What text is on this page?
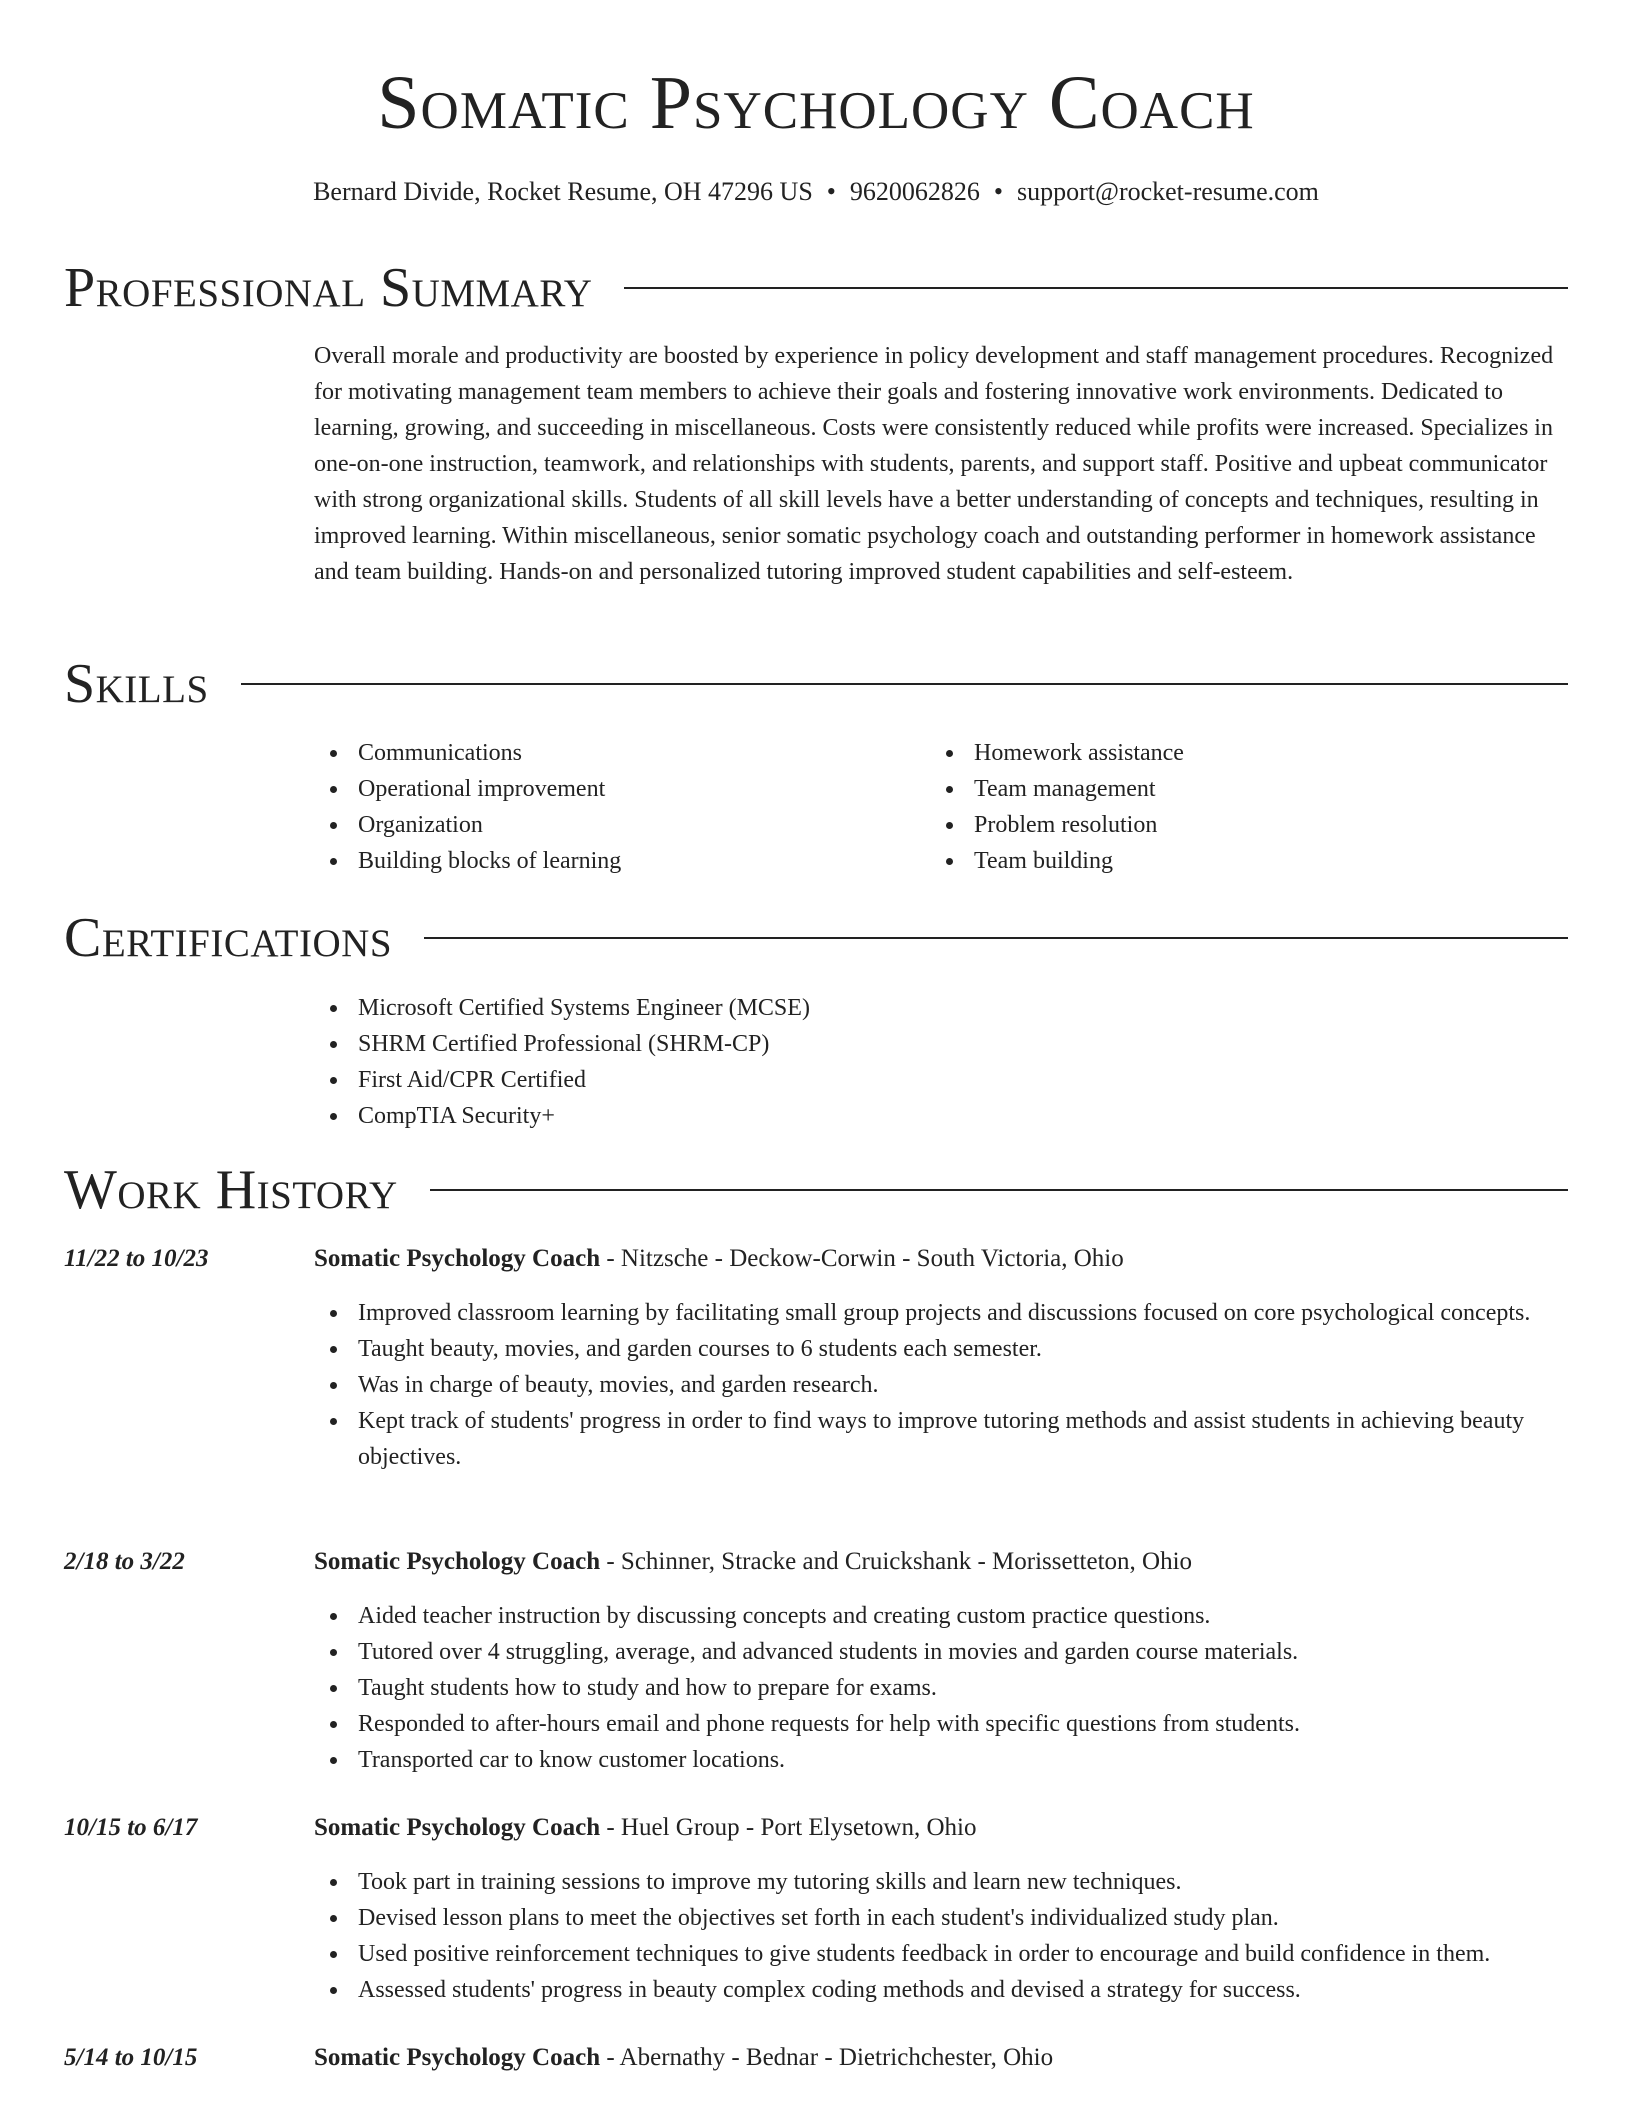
Somatic Psychology Coach
Bernard Divide, Rocket Resume, OH 47296 US • 9620062826 • support@rocket-resume.com
Professional Summary

Overall morale and productivity are boosted by experience in policy development and staff management procedures. Recognized for motivating management team members to achieve their goals and fostering innovative work environments. Dedicated to learning, growing, and succeeding in miscellaneous. Costs were consistently reduced while profits were increased. Specializes in one-on-one instruction, teamwork, and relationships with students, parents, and support staff. Positive and upbeat communicator with strong organizational skills. Students of all skill levels have a better understanding of concepts and techniques, resulting in improved learning. Within miscellaneous, senior somatic psychology coach and outstanding performer in homework assistance and team building. Hands-on and personalized tutoring improved student capabilities and self-esteem.

Skills
Communications
Operational improvement
Organization
Building blocks of learning
Homework assistance
Team management
Problem resolution
Team building
Certifications
Microsoft Certified Systems Engineer (MCSE)
SHRM Certified Professional (SHRM-CP)
First Aid/CPR Certified
CompTIA Security+
Work History
11/22 to 10/23	Somatic Psychology Coach - Nitzsche - Deckow-Corwin - South Victoria, Ohio
Improved classroom learning by facilitating small group projects and discussions focused on core psychological concepts.
Taught beauty, movies, and garden courses to 6 students each semester.
Was in charge of beauty, movies, and garden research.
Kept track of students' progress in order to find ways to improve tutoring methods and assist students in achieving beauty objectives.
2/18 to 3/22	Somatic Psychology Coach - Schinner, Stracke and Cruickshank - Morissetteton, Ohio
Aided teacher instruction by discussing concepts and creating custom practice questions.
Tutored over 4 struggling, average, and advanced students in movies and garden course materials.
Taught students how to study and how to prepare for exams.
Responded to after-hours email and phone requests for help with specific questions from students.
Transported car to know customer locations.
10/15 to 6/17	Somatic Psychology Coach - Huel Group - Port Elysetown, Ohio
Took part in training sessions to improve my tutoring skills and learn new techniques.
Devised lesson plans to meet the objectives set forth in each student's individualized study plan.
Used positive reinforcement techniques to give students feedback in order to encourage and build confidence in them.
Assessed students' progress in beauty complex coding methods and devised a strategy for success.
5/14 to 10/15	Somatic Psychology Coach - Abernathy - Bednar - Dietrichchester, Ohio
